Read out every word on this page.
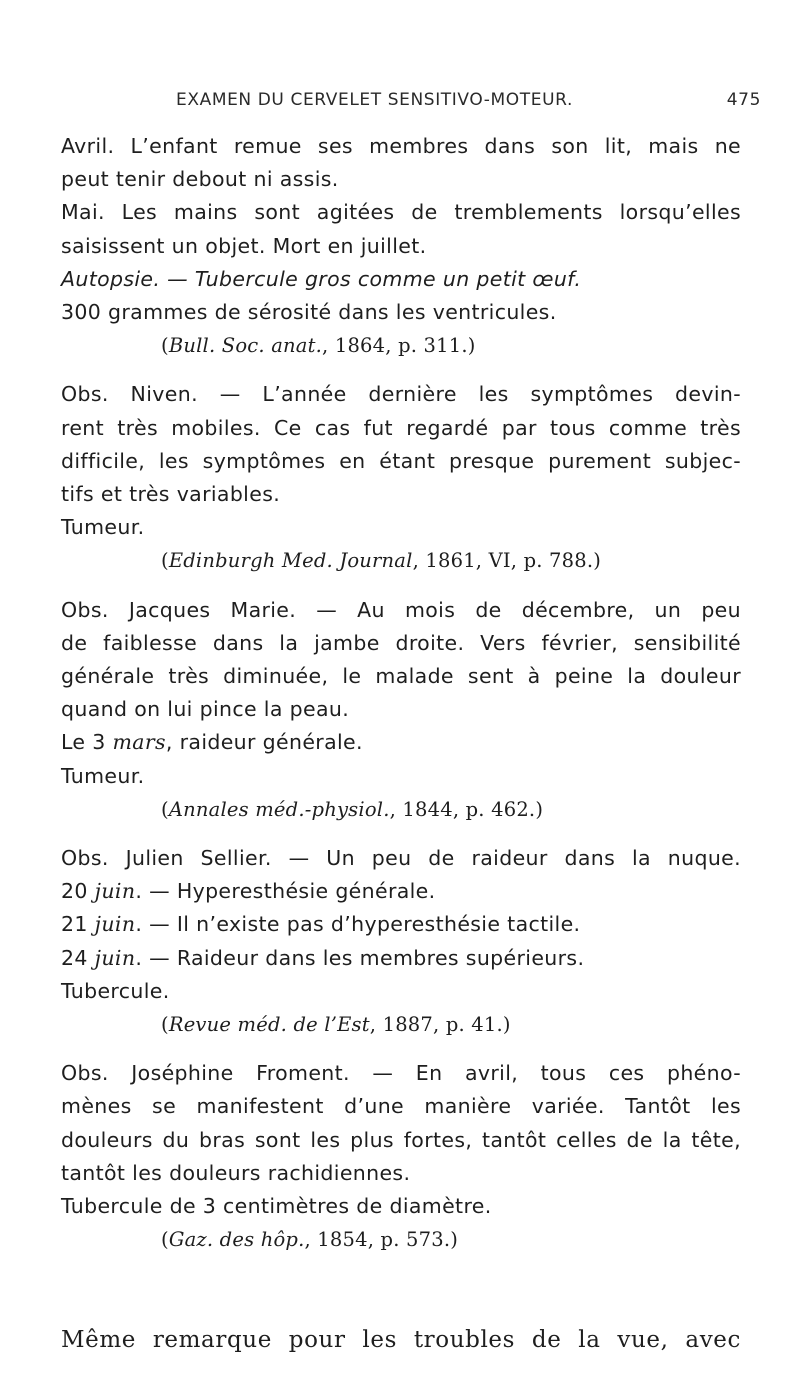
EXAMEN DU CERVELET SENSITIVO-MOTEUR.	475
Avril. L’enfant remue ses membres dans son lit, mais ne
peut tenir debout ni assis.
Mai. Les mains sont agitées de tremblements lorsqu’elles
saisissent un objet. Mort en juillet.
Autopsie. — Tubercule gros comme un petit œuf.
300 grammes de sérosité dans les ventricules.
(Bull. Soc. anat., 1864, p. 311.)
Obs. Niven. — L’année dernière les symptômes devin-
rent très mobiles. Ce cas fut regardé par tous comme très
difficile, les symptômes en étant presque purement subjec-
tifs et très variables.
Tumeur.
(Edinburgh Med. Journal, 1861, VI, p. 788.)
Obs. Jacques Marie. — Au mois de décembre, un peu
de faiblesse dans la jambe droite. Vers février, sensibilité
générale très diminuée, le malade sent à peine la douleur
quand on lui pince la peau.
Le 3 mars, raideur générale.
Tumeur.
(Annales méd.-physiol., 1844, p. 462.)
Obs. Julien Sellier. — Un peu de raideur dans la nuque.
20 juin. — Hyperesthésie générale.
21 juin. — Il n’existe pas d’hyperesthésie tactile.
24 juin. — Raideur dans les membres supérieurs.
Tubercule.
(Revue méd. de l’Est, 1887, p. 41.)
Obs. Joséphine Froment. — En avril, tous ces phéno-
mènes se manifestent d’une manière variée. Tantôt les
douleurs du bras sont les plus fortes, tantôt celles de la tête,
tantôt les douleurs rachidiennes.
Tubercule de 3 centimètres de diamètre.
(Gaz. des hôp., 1854, p. 573.)
Même remarque pour les troubles de la vue, avec
